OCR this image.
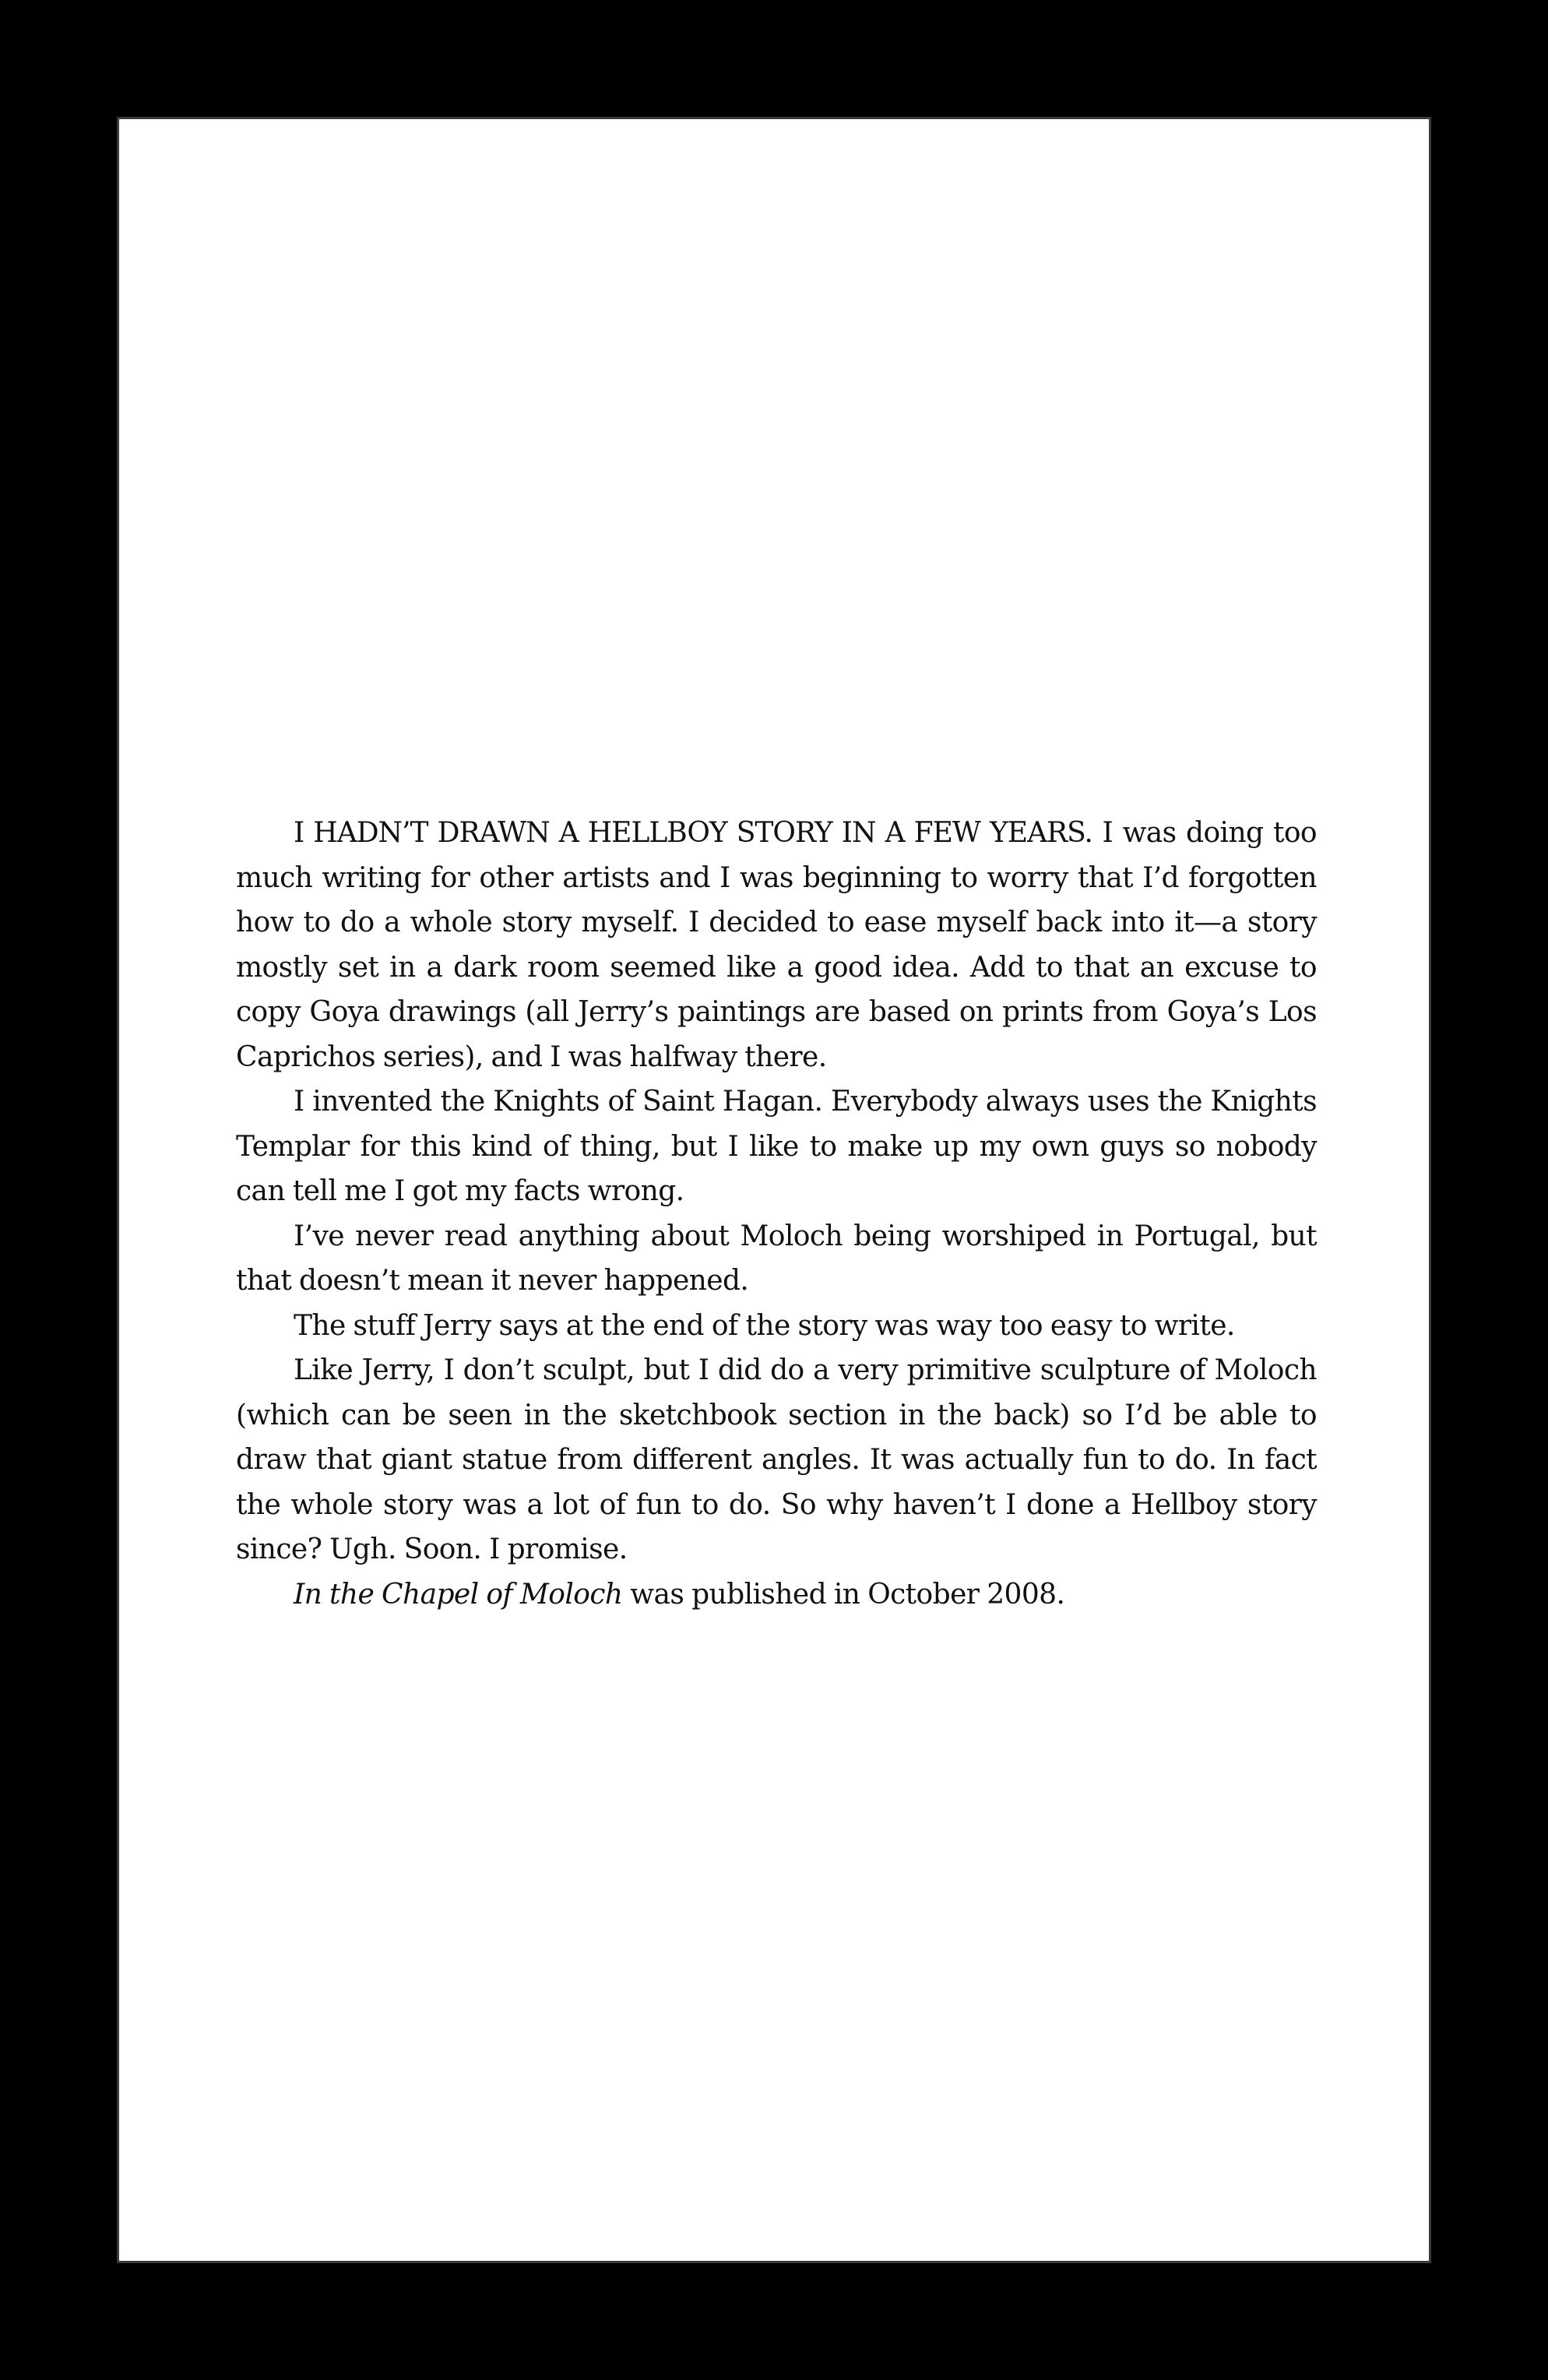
I HADN’T DRAWN A HELLBOY STORY IN A FEW YEARS. I was doing too much writing for other artists and I was beginning to worry that I’d forgotten how to do a whole story myself. I decided to ease myself back into it—a story mostly set in a dark room seemed like a good idea. Add to that an excuse to copy Goya drawings (all Jerry’s paintings are based on prints from Goya’s Los Caprichos series), and I was halfway there.

I invented the Knights of Saint Hagan. Everybody always uses the Knights Templar for this kind of thing, but I like to make up my own guys so nobody can tell me I got my facts wrong.

I’ve never read anything about Moloch being worshiped in Portugal, but that doesn’t mean it never happened.

The stuff Jerry says at the end of the story was way too easy to write.

Like Jerry, I don’t sculpt, but I did do a very primitive sculpture of Moloch (which can be seen in the sketchbook section in the back) so I’d be able to draw that giant statue from different angles. It was actually fun to do. In fact the whole story was a lot of fun to do. So why haven’t I done a Hellboy story since? Ugh. Soon. I promise.

In the Chapel of Moloch was published in October 2008.
